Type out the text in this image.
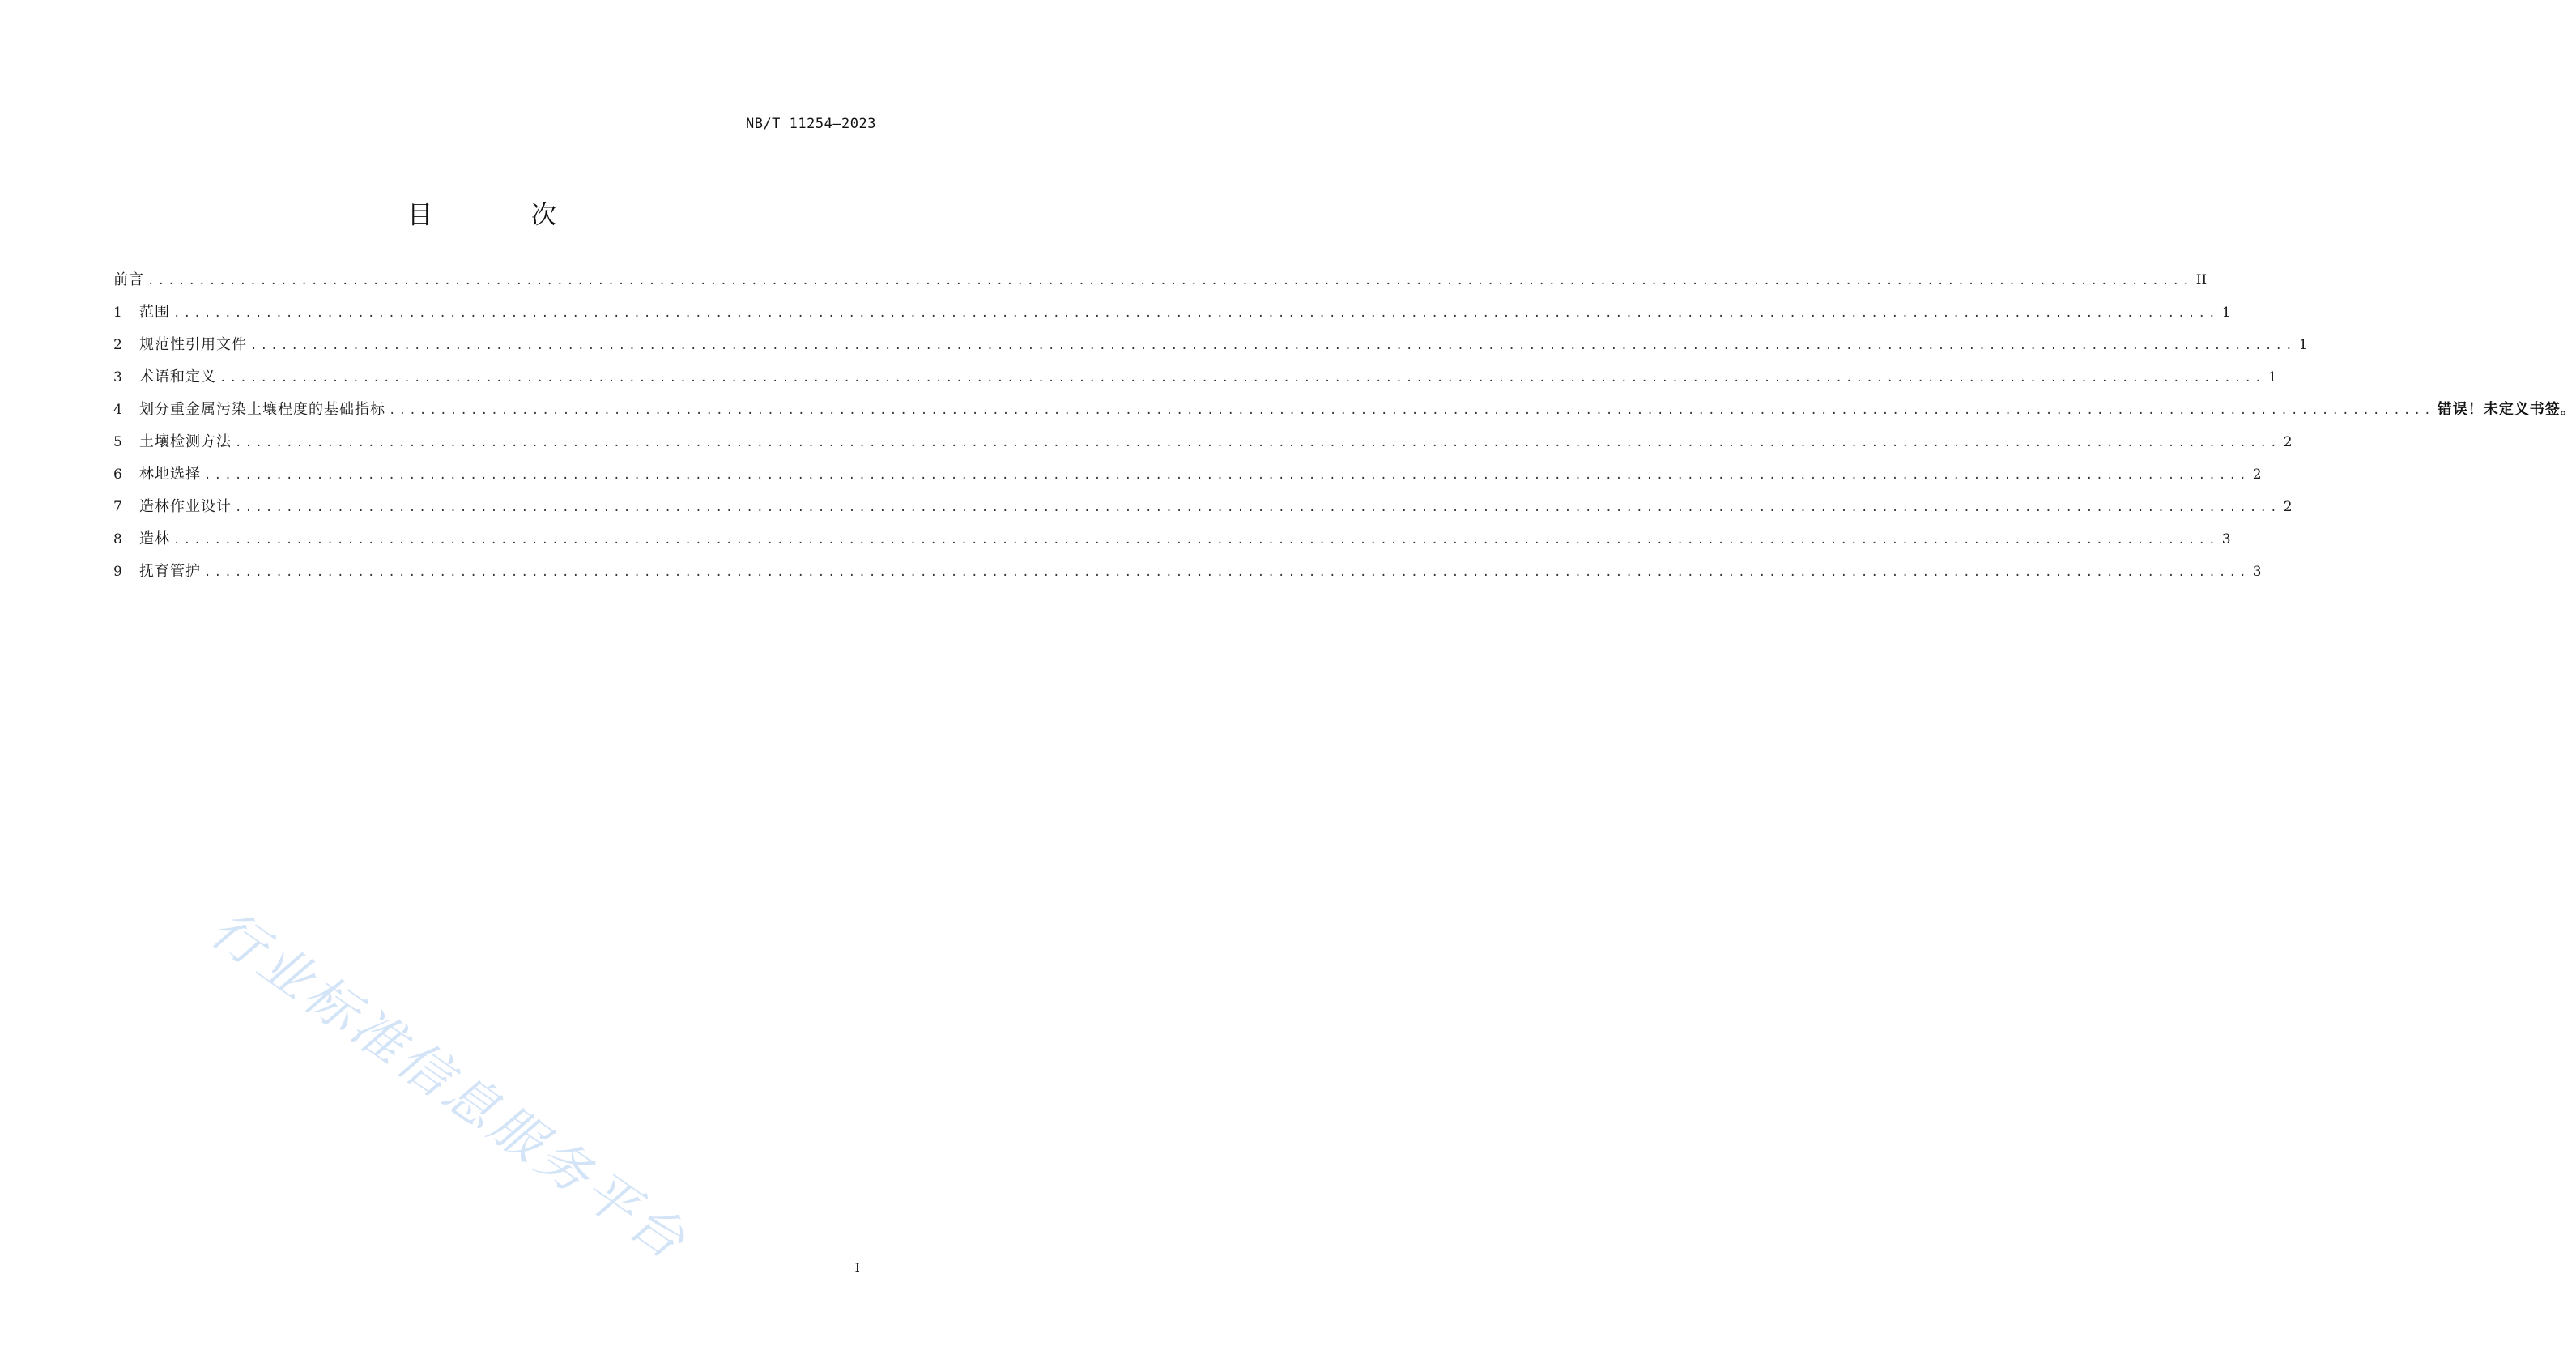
NB/T 11254—2023
目 次
前言 ........................................................................................................................................................................................................ II
1	范围 ........................................................................................................................................................................................................ 1
2	规范性引用文件 ........................................................................................................................................................................................................ 1
3	术语和定义 ........................................................................................................................................................................................................ 1
4	划分重金属污染土壤程度的基础指标 ........................................................................................................................................................................................................ 错误！未定义书签。
5	土壤检测方法 ........................................................................................................................................................................................................ 2
6	林地选择 ........................................................................................................................................................................................................ 2
7	造林作业设计 ........................................................................................................................................................................................................ 2
8	造林 ........................................................................................................................................................................................................ 3
9	抚育管护 ........................................................................................................................................................................................................ 3
行业标准信息服务平台	I
